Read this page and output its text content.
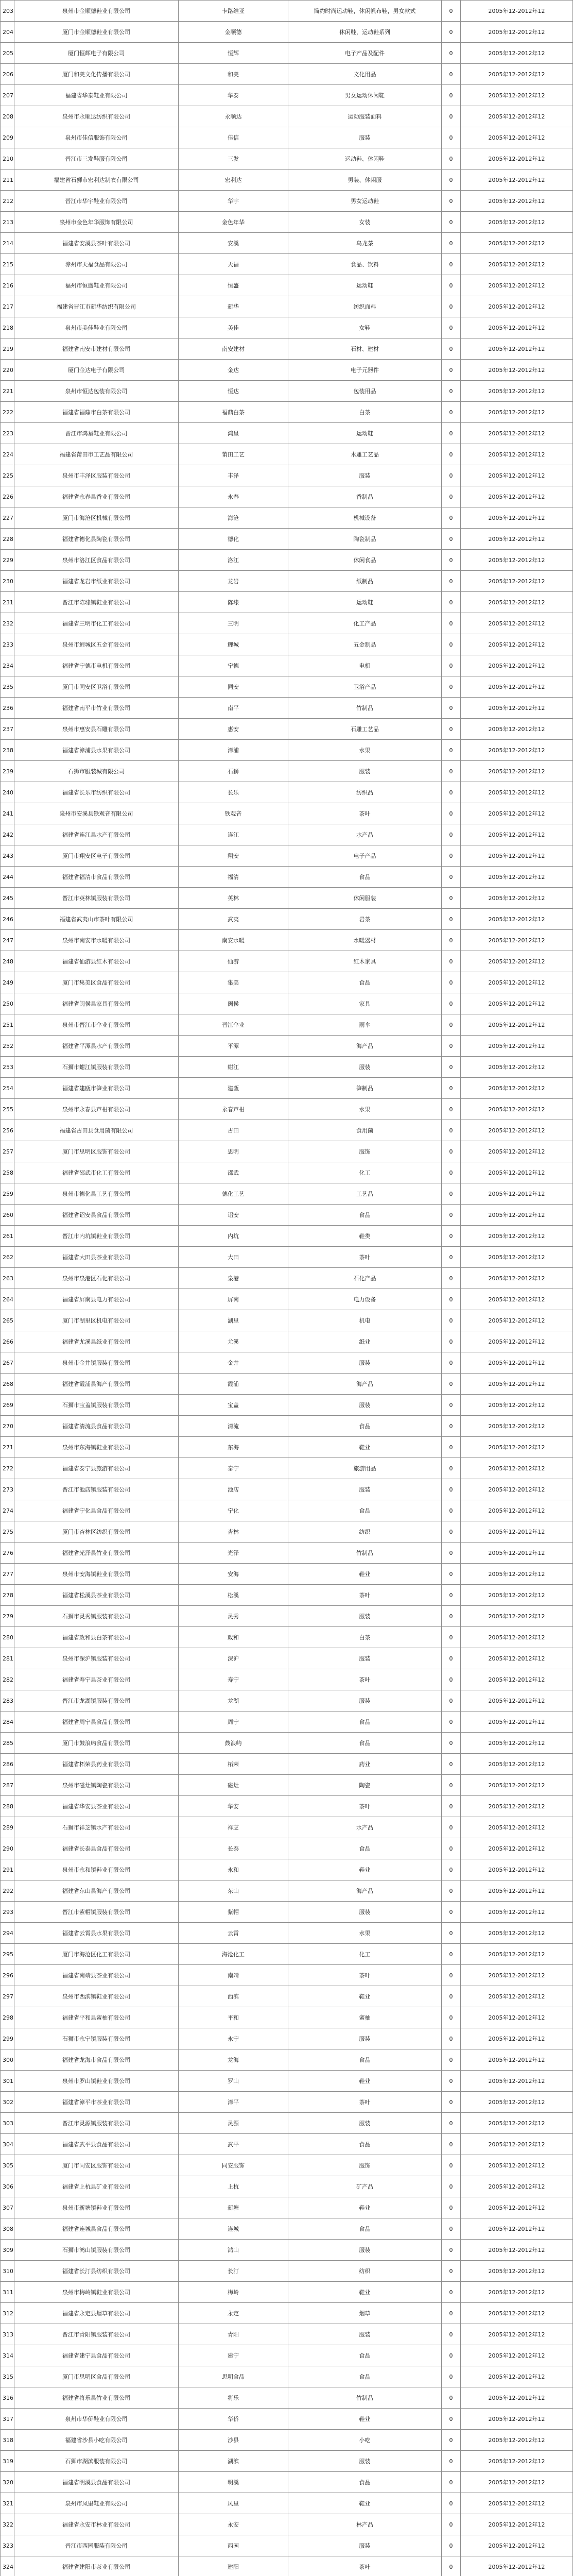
203	泉州市金顺德鞋业有限公司	卡路维亚	简约时尚运动鞋，休闲帆布鞋，男女款式	0	2005年12-2012年12
204	厦门市金顺德鞋业有限公司	金顺德	休闲鞋，运动鞋系列	0	2005年12-2012年12
205	厦门恒辉电子有限公司	恒辉	电子产品及配件	0	2005年12-2012年12
206	厦门和美文化传播有限公司	和美	文化用品	0	2005年12-2012年12
207	福建省华泰鞋业有限公司	华泰	男女运动休闲鞋	0	2005年12-2012年12
208	泉州市永顺达纺织有限公司	永顺达	运动服装面料	0	2005年12-2012年12
209	泉州市佳信服饰有限公司	佳信	服装	0	2005年12-2012年12
210	晋江市三发鞋服有限公司	三发	运动鞋、休闲鞋	0	2005年12-2012年12
211	福建省石狮市宏利达制衣有限公司	宏利达	男装、休闲服	0	2005年12-2012年12
212	晋江市华宇鞋业有限公司	华宇	男女运动鞋	0	2005年12-2012年12
213	泉州市金色年华服饰有限公司	金色年华	女装	0	2005年12-2012年12
214	福建省安溪县茶叶有限公司	安溪	乌龙茶	0	2005年12-2012年12
215	漳州市天福食品有限公司	天福	食品、饮料	0	2005年12-2012年12
216	福州市恒盛鞋业有限公司	恒盛	运动鞋	0	2005年12-2012年12
217	福建省晋江市新华纺织有限公司	新华	纺织面料	0	2005年12-2012年12
218	泉州市美佳鞋业有限公司	美佳	女鞋	0	2005年12-2012年12
219	福建省南安市建材有限公司	南安建材	石材、建材	0	2005年12-2012年12
220	厦门金达电子有限公司	金达	电子元器件	0	2005年12-2012年12
221	泉州市恒达包装有限公司	恒达	包装用品	0	2005年12-2012年12
222	福建省福鼎市白茶有限公司	福鼎白茶	白茶	0	2005年12-2012年12
223	晋江市鸿星鞋业有限公司	鸿星	运动鞋	0	2005年12-2012年12
224	福建省莆田市工艺品有限公司	莆田工艺	木雕工艺品	0	2005年12-2012年12
225	泉州市丰泽区服装有限公司	丰泽	服装	0	2005年12-2012年12
226	福建省永春县香业有限公司	永春	香制品	0	2005年12-2012年12
227	厦门市海沧区机械有限公司	海沧	机械设备	0	2005年12-2012年12
228	福建省德化县陶瓷有限公司	德化	陶瓷制品	0	2005年12-2012年12
229	泉州市洛江区食品有限公司	洛江	休闲食品	0	2005年12-2012年12
230	福建省龙岩市纸业有限公司	龙岩	纸制品	0	2005年12-2012年12
231	晋江市陈埭镇鞋业有限公司	陈埭	运动鞋	0	2005年12-2012年12
232	福建省三明市化工有限公司	三明	化工产品	0	2005年12-2012年12
233	泉州市鲤城区五金有限公司	鲤城	五金制品	0	2005年12-2012年12
234	福建省宁德市电机有限公司	宁德	电机	0	2005年12-2012年12
235	厦门市同安区卫浴有限公司	同安	卫浴产品	0	2005年12-2012年12
236	福建省南平市竹业有限公司	南平	竹制品	0	2005年12-2012年12
237	泉州市惠安县石雕有限公司	惠安	石雕工艺品	0	2005年12-2012年12
238	福建省漳浦县水果有限公司	漳浦	水果	0	2005年12-2012年12
239	石狮市服装城有限公司	石狮	服装	0	2005年12-2012年12
240	福建省长乐市纺织有限公司	长乐	纺织品	0	2005年12-2012年12
241	泉州市安溪县铁观音有限公司	铁观音	茶叶	0	2005年12-2012年12
242	福建省连江县水产有限公司	连江	水产品	0	2005年12-2012年12
243	厦门市翔安区电子有限公司	翔安	电子产品	0	2005年12-2012年12
244	福建省福清市食品有限公司	福清	食品	0	2005年12-2012年12
245	晋江市英林镇服装有限公司	英林	休闲服装	0	2005年12-2012年12
246	福建省武夷山市茶叶有限公司	武夷	岩茶	0	2005年12-2012年12
247	泉州市南安市水暖有限公司	南安水暖	水暖器材	0	2005年12-2012年12
248	福建省仙游县红木有限公司	仙游	红木家具	0	2005年12-2012年12
249	厦门市集美区食品有限公司	集美	食品	0	2005年12-2012年12
250	福建省闽侯县家具有限公司	闽侯	家具	0	2005年12-2012年12
251	泉州市晋江市伞业有限公司	晋江伞业	雨伞	0	2005年12-2012年12
252	福建省平潭县水产有限公司	平潭	海产品	0	2005年12-2012年12
253	石狮市蚶江镇服装有限公司	蚶江	服装	0	2005年12-2012年12
254	福建省建瓯市笋业有限公司	建瓯	笋制品	0	2005年12-2012年12
255	泉州市永春县芦柑有限公司	永春芦柑	水果	0	2005年12-2012年12
256	福建省古田县食用菌有限公司	古田	食用菌	0	2005年12-2012年12
257	厦门市思明区服饰有限公司	思明	服饰	0	2005年12-2012年12
258	福建省邵武市化工有限公司	邵武	化工	0	2005年12-2012年12
259	泉州市德化县工艺有限公司	德化工艺	工艺品	0	2005年12-2012年12
260	福建省诏安县食品有限公司	诏安	食品	0	2005年12-2012年12
261	晋江市内坑镇鞋业有限公司	内坑	鞋类	0	2005年12-2012年12
262	福建省大田县茶业有限公司	大田	茶叶	0	2005年12-2012年12
263	泉州市泉港区石化有限公司	泉港	石化产品	0	2005年12-2012年12
264	福建省屏南县电力有限公司	屏南	电力设备	0	2005年12-2012年12
265	厦门市湖里区机电有限公司	湖里	机电	0	2005年12-2012年12
266	福建省尤溪县纸业有限公司	尤溪	纸业	0	2005年12-2012年12
267	泉州市金井镇服装有限公司	金井	服装	0	2005年12-2012年12
268	福建省霞浦县海产有限公司	霞浦	海产品	0	2005年12-2012年12
269	石狮市宝盖镇服装有限公司	宝盖	服装	0	2005年12-2012年12
270	福建省清流县食品有限公司	清流	食品	0	2005年12-2012年12
271	泉州市东海镇鞋业有限公司	东海	鞋业	0	2005年12-2012年12
272	福建省泰宁县旅游有限公司	泰宁	旅游用品	0	2005年12-2012年12
273	晋江市池店镇服装有限公司	池店	服装	0	2005年12-2012年12
274	福建省宁化县食品有限公司	宁化	食品	0	2005年12-2012年12
275	厦门市杏林区纺织有限公司	杏林	纺织	0	2005年12-2012年12
276	福建省光泽县竹业有限公司	光泽	竹制品	0	2005年12-2012年12
277	泉州市安海镇鞋业有限公司	安海	鞋业	0	2005年12-2012年12
278	福建省松溪县茶业有限公司	松溪	茶叶	0	2005年12-2012年12
279	石狮市灵秀镇服装有限公司	灵秀	服装	0	2005年12-2012年12
280	福建省政和县白茶有限公司	政和	白茶	0	2005年12-2012年12
281	泉州市深沪镇服装有限公司	深沪	服装	0	2005年12-2012年12
282	福建省寿宁县茶业有限公司	寿宁	茶叶	0	2005年12-2012年12
283	晋江市龙湖镇服装有限公司	龙湖	服装	0	2005年12-2012年12
284	福建省周宁县食品有限公司	周宁	食品	0	2005年12-2012年12
285	厦门市鼓浪屿食品有限公司	鼓浪屿	食品	0	2005年12-2012年12
286	福建省柘荣县药业有限公司	柘荣	药业	0	2005年12-2012年12
287	泉州市磁灶镇陶瓷有限公司	磁灶	陶瓷	0	2005年12-2012年12
288	福建省华安县茶业有限公司	华安	茶叶	0	2005年12-2012年12
289	石狮市祥芝镇水产有限公司	祥芝	水产品	0	2005年12-2012年12
290	福建省长泰县食品有限公司	长泰	食品	0	2005年12-2012年12
291	泉州市永和镇鞋业有限公司	永和	鞋业	0	2005年12-2012年12
292	福建省东山县海产有限公司	东山	海产品	0	2005年12-2012年12
293	晋江市紫帽镇服装有限公司	紫帽	服装	0	2005年12-2012年12
294	福建省云霄县水果有限公司	云霄	水果	0	2005年12-2012年12
295	厦门市海沧区化工有限公司	海沧化工	化工	0	2005年12-2012年12
296	福建省南靖县茶业有限公司	南靖	茶叶	0	2005年12-2012年12
297	泉州市西滨镇鞋业有限公司	西滨	鞋业	0	2005年12-2012年12
298	福建省平和县蜜柚有限公司	平和	蜜柚	0	2005年12-2012年12
299	石狮市永宁镇服装有限公司	永宁	服装	0	2005年12-2012年12
300	福建省龙海市食品有限公司	龙海	食品	0	2005年12-2012年12
301	泉州市罗山镇鞋业有限公司	罗山	鞋业	0	2005年12-2012年12
302	福建省漳平市茶业有限公司	漳平	茶叶	0	2005年12-2012年12
303	晋江市灵源镇服装有限公司	灵源	服装	0	2005年12-2012年12
304	福建省武平县食品有限公司	武平	食品	0	2005年12-2012年12
305	厦门市同安区服饰有限公司	同安服饰	服饰	0	2005年12-2012年12
306	福建省上杭县矿业有限公司	上杭	矿产品	0	2005年12-2012年12
307	泉州市新塘镇鞋业有限公司	新塘	鞋业	0	2005年12-2012年12
308	福建省连城县食品有限公司	连城	食品	0	2005年12-2012年12
309	石狮市鸿山镇服装有限公司	鸿山	服装	0	2005年12-2012年12
310	福建省长汀县纺织有限公司	长汀	纺织	0	2005年12-2012年12
311	泉州市梅岭镇鞋业有限公司	梅岭	鞋业	0	2005年12-2012年12
312	福建省永定县烟草有限公司	永定	烟草	0	2005年12-2012年12
313	晋江市青阳镇服装有限公司	青阳	服装	0	2005年12-2012年12
314	福建省建宁县食品有限公司	建宁	食品	0	2005年12-2012年12
315	厦门市思明区食品有限公司	思明食品	食品	0	2005年12-2012年12
316	福建省将乐县竹业有限公司	将乐	竹制品	0	2005年12-2012年12
317	泉州市华侨鞋业有限公司	华侨	鞋业	0	2005年12-2012年12
318	福建省沙县小吃有限公司	沙县	小吃	0	2005年12-2012年12
319	石狮市湖滨服装有限公司	湖滨	服装	0	2005年12-2012年12
320	福建省明溪县食品有限公司	明溪	食品	0	2005年12-2012年12
321	泉州市凤里鞋业有限公司	凤里	鞋业	0	2005年12-2012年12
322	福建省永安市林业有限公司	永安	林产品	0	2005年12-2012年12
323	晋江市西园服装有限公司	西园	服装	0	2005年12-2012年12
324	福建省建阳市茶业有限公司	建阳	茶叶	0	2005年12-2012年12
